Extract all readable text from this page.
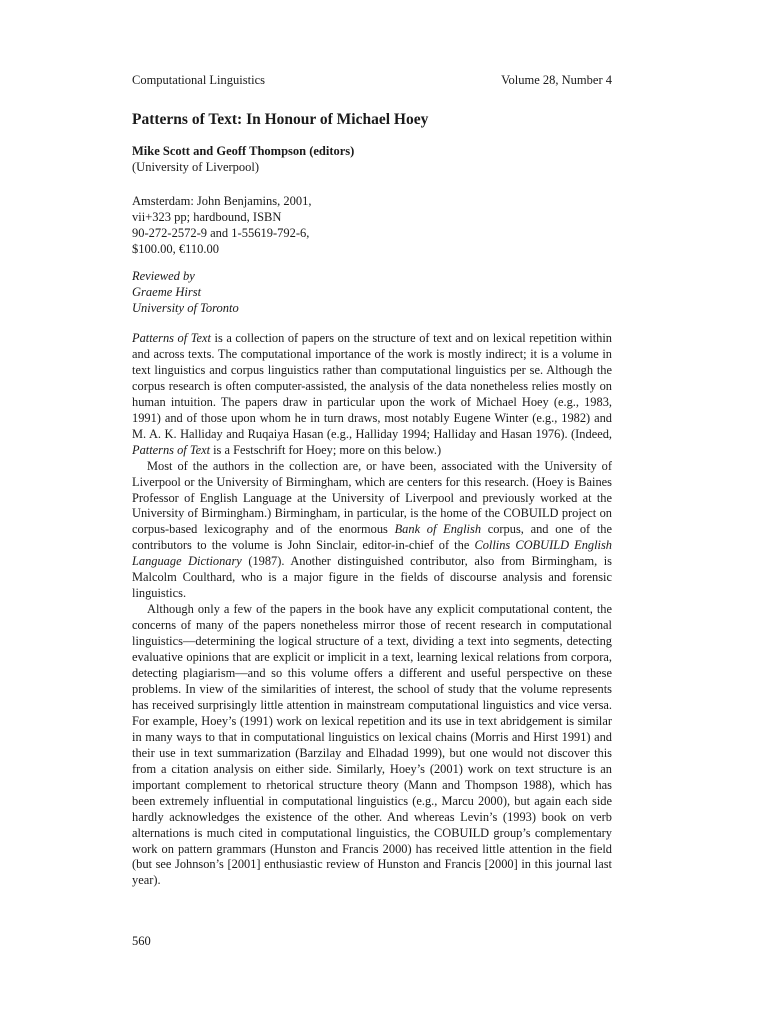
Computational Linguistics	Volume 28, Number 4
Patterns of Text: In Honour of Michael Hoey
Mike Scott and Geoff Thompson (editors)
(University of Liverpool)
Amsterdam: John Benjamins, 2001,
vii+323 pp; hardbound, ISBN
90-272-2572-9 and 1-55619-792-6,
$100.00, €110.00
Reviewed by
Graeme Hirst
University of Toronto

Patterns of Text is a collection of papers on the structure of text and on lexical repetition within and across texts. The computational importance of the work is mostly indirect; it is a volume in text linguistics and corpus linguistics rather than computational linguistics per se. Although the corpus research is often computer-assisted, the analysis of the data nonetheless relies mostly on human intuition. The papers draw in particular upon the work of Michael Hoey (e.g., 1983, 1991) and of those upon whom he in turn draws, most notably Eugene Winter (e.g., 1982) and M. A. K. Halliday and Ruqaiya Hasan (e.g., Halliday 1994; Halliday and Hasan 1976). (Indeed, Patterns of Text is a Festschrift for Hoey; more on this below.)

Most of the authors in the collection are, or have been, associated with the University of Liverpool or the University of Birmingham, which are centers for this research. (Hoey is Baines Professor of English Language at the University of Liverpool and previously worked at the University of Birmingham.) Birmingham, in particular, is the home of the COBUILD project on corpus-based lexicography and of the enormous Bank of English corpus, and one of the contributors to the volume is John Sinclair, editor-in-chief of the Collins COBUILD English Language Dictionary (1987). Another distinguished contributor, also from Birmingham, is Malcolm Coulthard, who is a major figure in the fields of discourse analysis and forensic linguistics.

Although only a few of the papers in the book have any explicit computational content, the concerns of many of the papers nonetheless mirror those of recent research in computational linguistics—determining the logical structure of a text, dividing a text into segments, detecting evaluative opinions that are explicit or implicit in a text, learning lexical relations from corpora, detecting plagiarism—and so this volume offers a different and useful perspective on these problems. In view of the similarities of interest, the school of study that the volume represents has received surprisingly little attention in mainstream computational linguistics and vice versa. For example, Hoey’s (1991) work on lexical repetition and its use in text abridgement is similar in many ways to that in computational linguistics on lexical chains (Morris and Hirst 1991) and their use in text summarization (Barzilay and Elhadad 1999), but one would not discover this from a citation analysis on either side. Similarly, Hoey’s (2001) work on text structure is an important complement to rhetorical structure theory (Mann and Thompson 1988), which has been extremely influential in computational linguistics (e.g., Marcu 2000), but again each side hardly acknowledges the existence of the other. And whereas Levin’s (1993) book on verb alternations is much cited in computational linguistics, the COBUILD group’s complementary work on pattern grammars (Hunston and Francis 2000) has received little attention in the field (but see Johnson’s [2001] enthusiastic review of Hunston and Francis [2000] in this journal last year).

560
